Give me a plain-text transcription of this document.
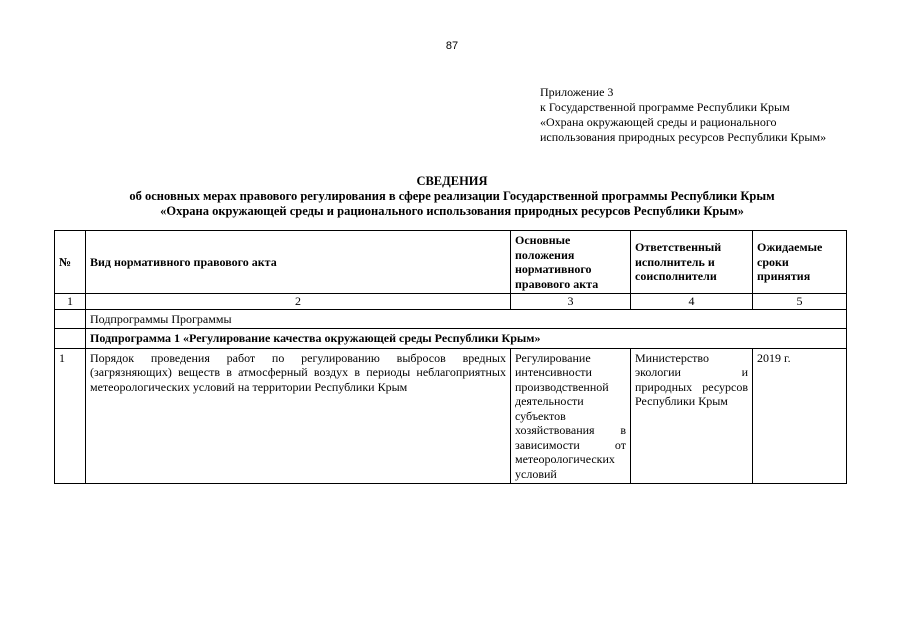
87
Приложение 3
к Государственной программе Республики Крым
«Охрана окружающей среды и рационального использования природных ресурсов Республики Крым»
СВЕДЕНИЯ
об основных мерах правового регулирования в сфере реализации Государственной программы Республики Крым
«Охрана окружающей среды и рационального использования природных ресурсов Республики Крым»
№	Вид нормативного правового акта	Основные положения нормативного правового акта	Ответственный исполнитель и соисполнители	Ожидаемые сроки принятия
1	2	3	4	5
	Подпрограммы Программы			
	Подпрограмма 1 «Регулирование качества окружающей среды Республики Крым»			
1	Порядок проведения работ по регулированию выбросов вредных (загрязняющих) веществ в атмосферный воздух в периоды неблагоприятных метеорологических условий на территории Республики Крым	Регулирование интенсивности производственной деятельности субъектов хозяйствования в зависимости от метеорологических условий	Министерство экологии и природных ресурсов Республики Крым	2019 г.
